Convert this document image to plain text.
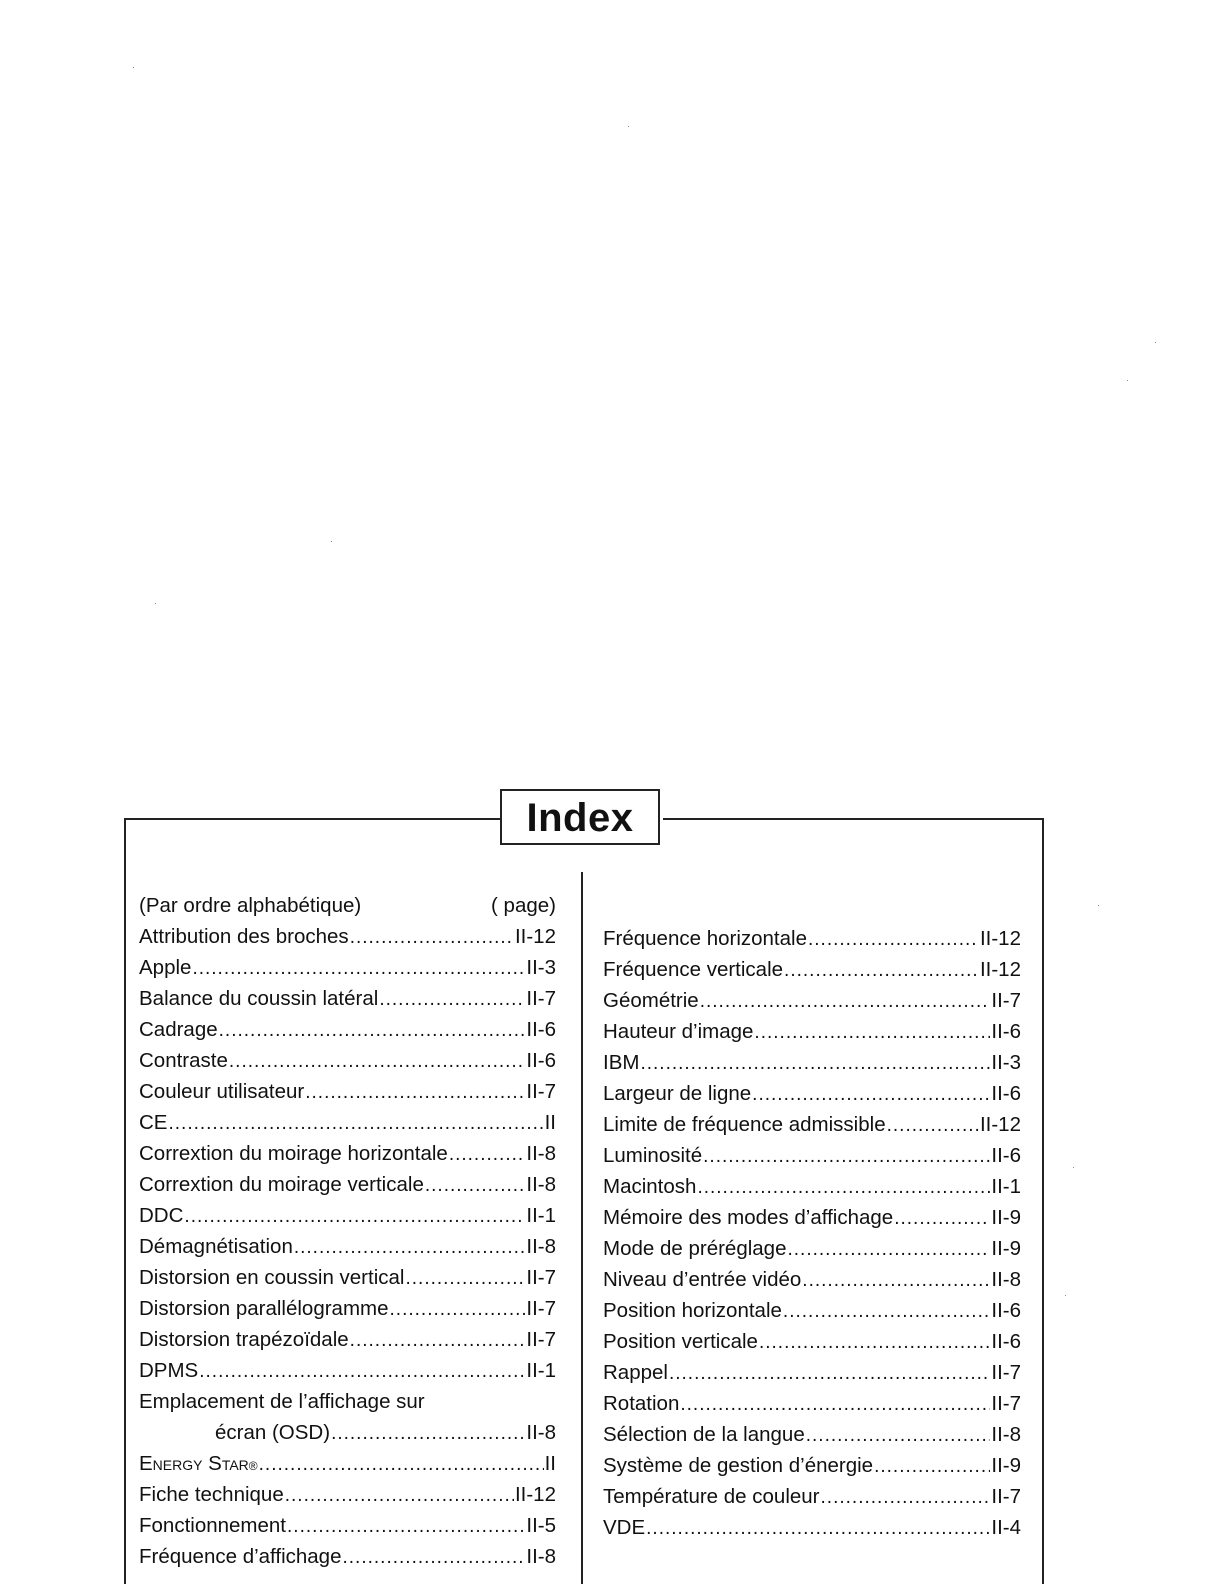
Index
(Par ordre alphabétique)	( page)
Attribution des broches .....	II-12
Apple .....	II-3
Balance du coussin latéral .....	II-7
Cadrage .....	II-6
Contraste .....	II-6
Couleur utilisateur .....	II-7
CE .....	II
Corrextion du moirage horizontale .....	II-8
Corrextion du moirage verticale .....	II-8
DDC .....	II-1
Démagnétisation .....	II-8
Distorsion en coussin vertical .....	II-7
Distorsion parallélogramme .....	II-7
Distorsion trapézoïdale .....	II-7
DPMS .....	II-1
Emplacement de l’affichage sur
écran (OSD) .....	II-8
Energy Star ® .....	II
Fiche technique .....	II-12
Fonctionnement .....	II-5
Fréquence d’affichage .....	II-8
Fréquence horizontale .....	II-12
Fréquence verticale .....	II-12
Géométrie .....	II-7
Hauteur d’image .....	II-6
IBM .....	II-3
Largeur de ligne .....	II-6
Limite de fréquence admissible .....	II-12
Luminosité .....	II-6
Macintosh .....	II-1
Mémoire des modes d’affichage .....	II-9
Mode de préréglage .....	II-9
Niveau d’entrée vidéo .....	II-8
Position horizontale .....	II-6
Position verticale .....	II-6
Rappel .....	II-7
Rotation .....	II-7
Sélection de la langue .....	II-8
Système de gestion d’énergie .....	II-9
Température de couleur .....	II-7
VDE .....	II-4
